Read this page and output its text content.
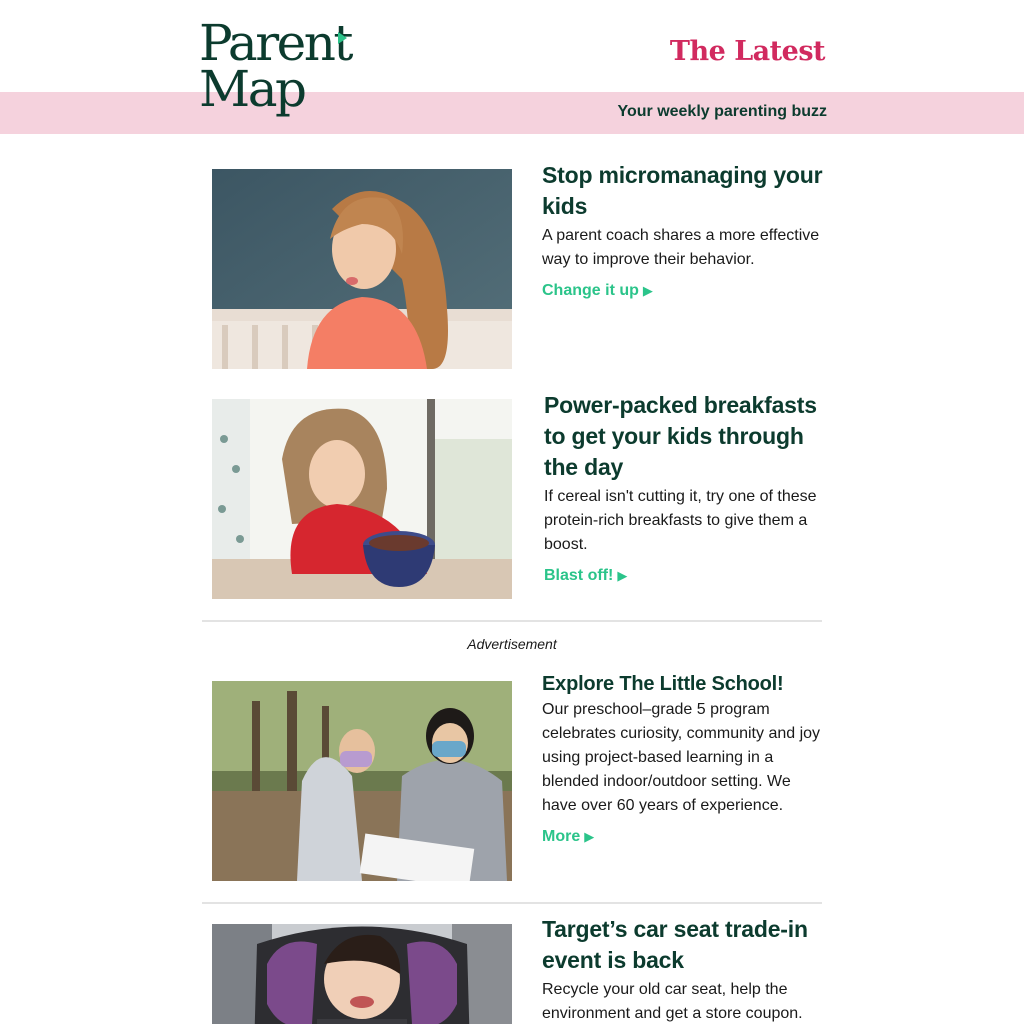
Parent
Map
The Latest
Your weekly parenting buzz
Stop micromanaging your kids
A parent coach shares a more effective way to improve their behavior.
Change it up ▶
Power-packed breakfasts to get your kids through the day
If cereal isn't cutting it, try one of these protein-rich breakfasts to give them a boost.
Blast off! ▶
Advertisement
Explore The Little School!
Our preschool–grade 5 program celebrates curiosity, community and joy using project-based learning in a blended indoor/outdoor setting. We have over 60 years of experience.
More ▶
Target’s car seat trade-in event is back
Recycle your old car seat, help the environment and get a store coupon.
